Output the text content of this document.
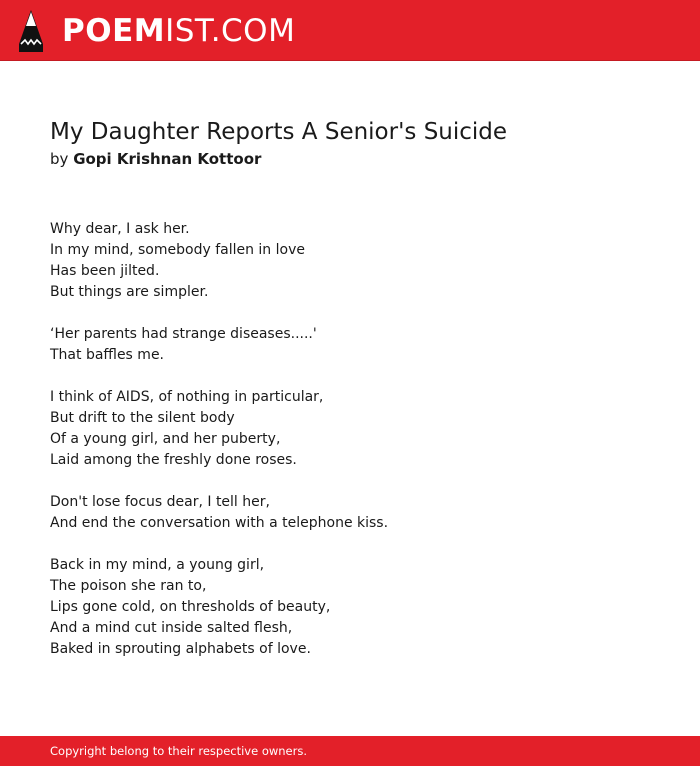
POEMIST.COM
My Daughter Reports A Senior's Suicide
by Gopi Krishnan Kottoor
Why dear, I ask her.
In my mind, somebody fallen in love
Has been jilted.
But things are simpler.
‘Her parents had strange diseases.....'
That baffles me.
I think of AIDS, of nothing in particular,
But drift to the silent body
Of a young girl, and her puberty,
Laid among the freshly done roses.
Don't lose focus dear, I tell her,
And end the conversation with a telephone kiss.
Back in my mind, a young girl,
The poison she ran to,
Lips gone cold, on thresholds of beauty,
And a mind cut inside salted flesh,
Baked in sprouting alphabets of love.
Copyright belong to their respective owners.
